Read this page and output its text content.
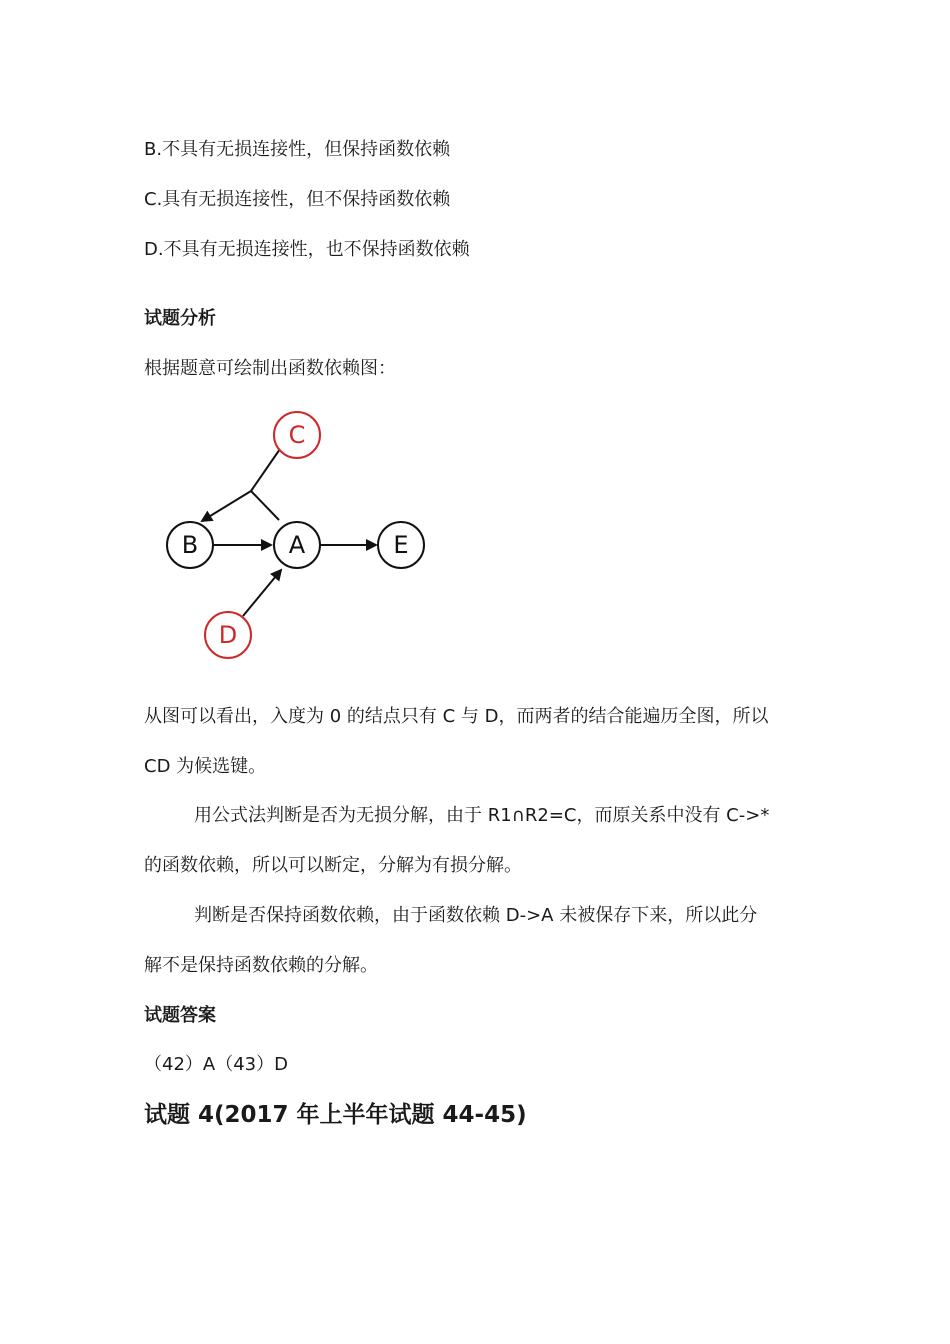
B.不具有无损连接性，但保持函数依赖
C.具有无损连接性，但不保持函数依赖
D.不具有无损连接性，也不保持函数依赖
试题分析
根据题意可绘制出函数依赖图：
C
B	A	E
D
从图可以看出，入度为 0 的结点只有 C 与 D，而两者的结合能遍历全图，所以
CD 为候选键。
用公式法判断是否为无损分解，由于 R1∩R2=C，而原关系中没有 C->*
的函数依赖，所以可以断定，分解为有损分解。
判断是否保持函数依赖，由于函数依赖 D->A 未被保存下来，所以此分
解不是保持函数依赖的分解。
试题答案
（42）A（43）D
试题 4(2017 年上半年试题 44-45)
